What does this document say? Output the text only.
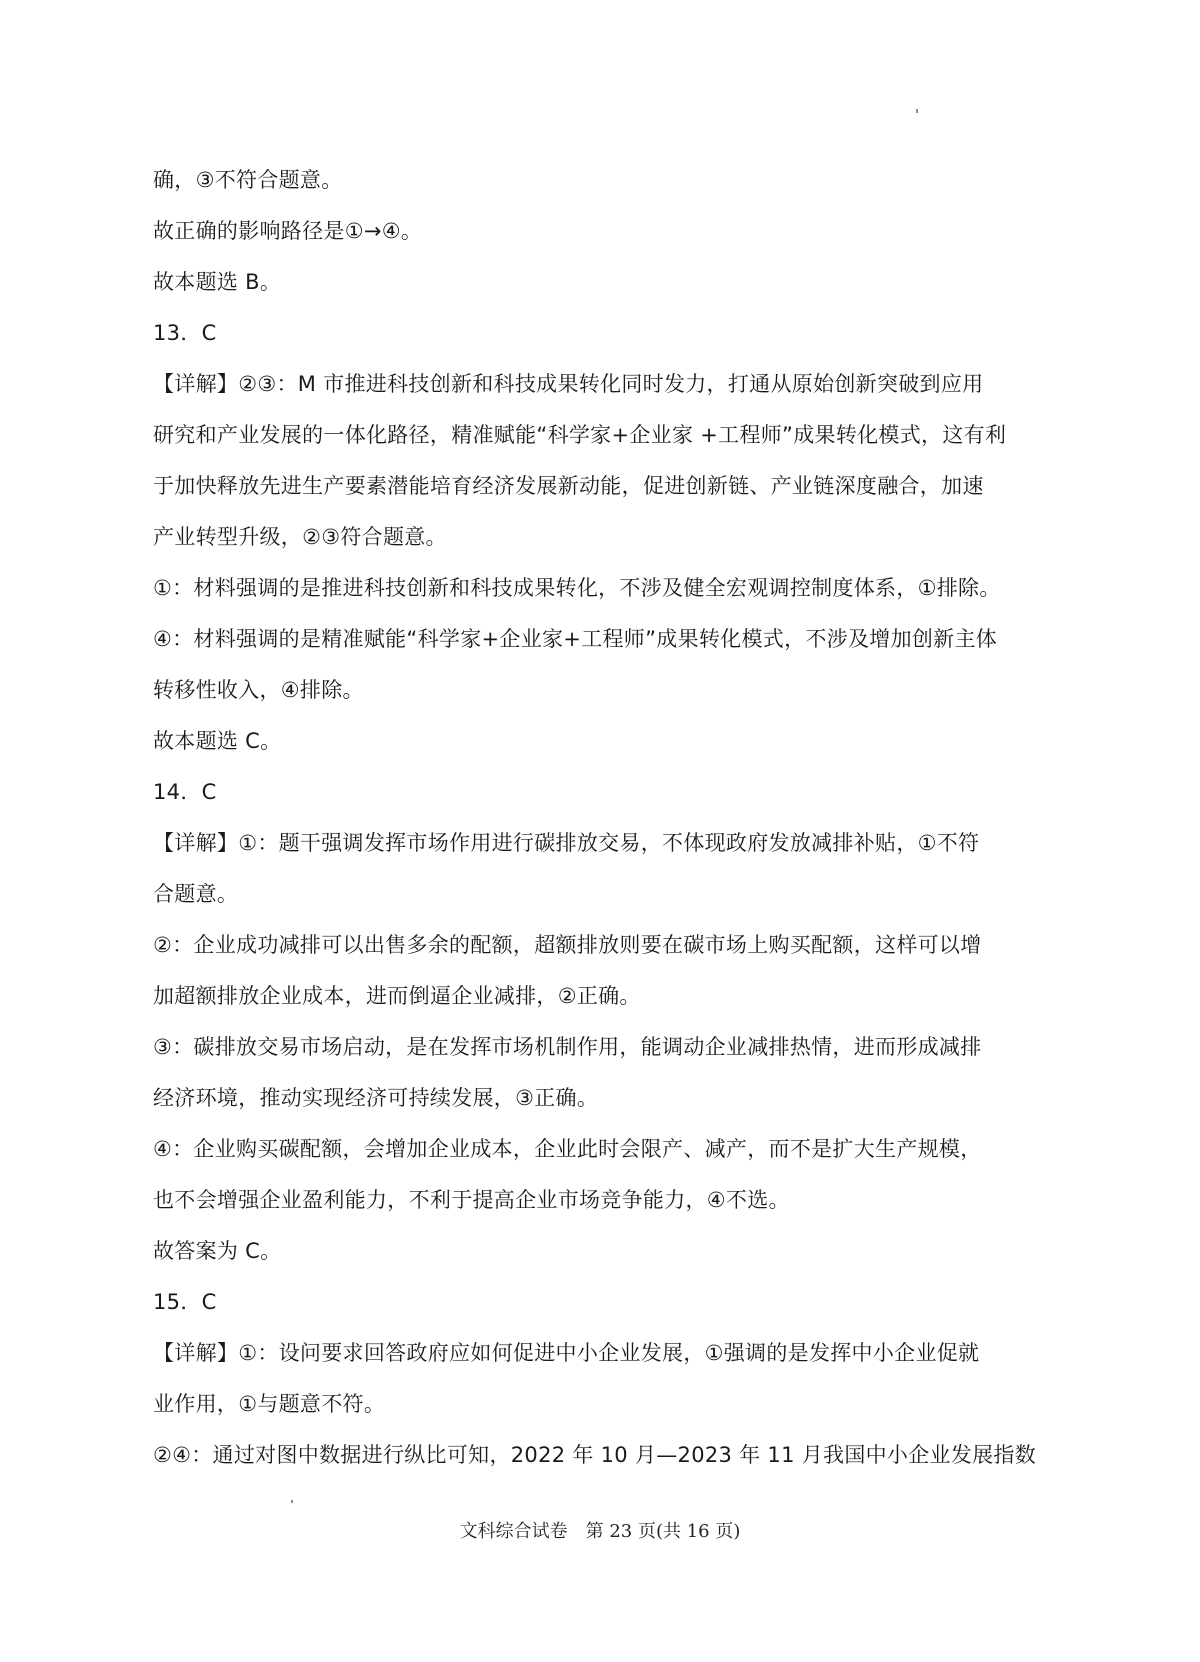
确，③不符合题意。
故正确的影响路径是①→④。
故本题选 B。
13．C
【详解】②③：M 市推进科技创新和科技成果转化同时发力，打通从原始创新突破到应用
研究和产业发展的一体化路径，精准赋能“科学家+企业家 +工程师”成果转化模式，这有利
于加快释放先进生产要素潜能培育经济发展新动能，促进创新链、产业链深度融合，加速
产业转型升级，②③符合题意。
①：材料强调的是推进科技创新和科技成果转化，不涉及健全宏观调控制度体系，①排除。
④：材料强调的是精准赋能“科学家+企业家+工程师”成果转化模式，不涉及增加创新主体
转移性收入，④排除。
故本题选 C。
14．C
【详解】①：题干强调发挥市场作用进行碳排放交易，不体现政府发放减排补贴，①不符
合题意。
②：企业成功减排可以出售多余的配额，超额排放则要在碳市场上购买配额，这样可以增
加超额排放企业成本，进而倒逼企业减排，②正确。
③：碳排放交易市场启动，是在发挥市场机制作用，能调动企业减排热情，进而形成减排
经济环境，推动实现经济可持续发展，③正确。
④：企业购买碳配额，会增加企业成本，企业此时会限产、减产，而不是扩大生产规模，
也不会增强企业盈利能力，不利于提高企业市场竞争能力，④不选。
故答案为 C。
15．C
【详解】①：设问要求回答政府应如何促进中小企业发展，①强调的是发挥中小企业促就
业作用，①与题意不符。
②④：通过对图中数据进行纵比可知，2022 年 10 月—2023 年 11 月我国中小企业发展指数
文科综合试卷　第 23 页(共 16 页)
